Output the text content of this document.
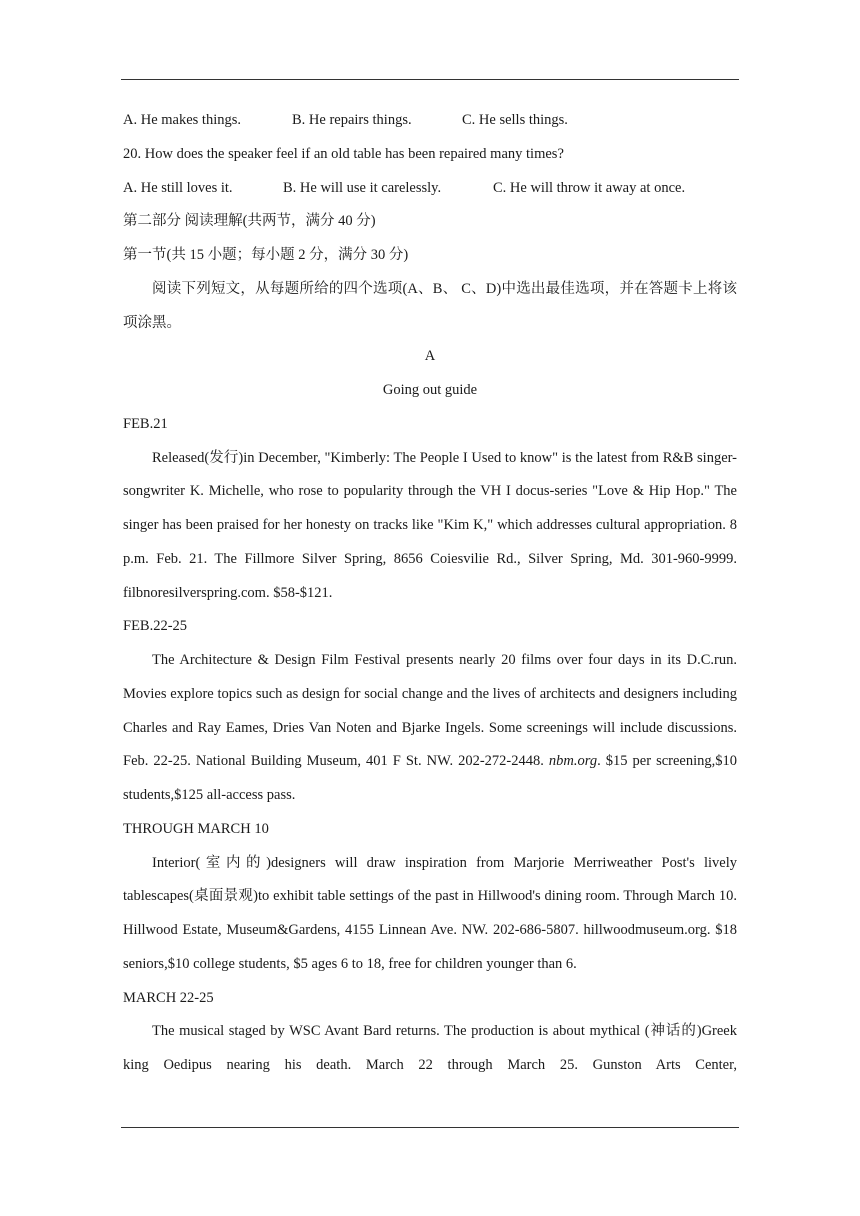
A. He makes things.	B. He repairs things.	C. He sells things.
20. How does the speaker feel if an old table has been repaired many times?
A. He still loves it.	B. He will use it carelessly.	C. He will throw it away at once.
第二部分 阅读理解(共两节，满分 40 分)
第一节(共 15 小题；每小题 2 分，满分 30 分)
阅读下列短文，从每题所给的四个选项(A、B、 C、D)中选出最佳选项，并在答题卡上将该项涂黑。
A
Going out guide
FEB.21
Released(发行)in December, "Kimberly: The People I Used to know" is the latest from R&B singer-songwriter K. Michelle, who rose to popularity through the VH I docus-series "Love & Hip Hop." The singer has been praised for her honesty on tracks like "Kim K," which addresses cultural appropriation. 8 p.m. Feb. 21. The Fillmore Silver Spring, 8656 Coiesvilie Rd., Silver Spring, Md. 301-960-9999. filbnoresilverspring.com. $58-$121.
FEB.22-25
The Architecture & Design Film Festival presents nearly 20 films over four days in its D.C.run. Movies explore topics such as design for social change and the lives of architects and designers including Charles and Ray Eames, Dries Van Noten and Bjarke Ingels. Some screenings will include discussions. Feb. 22-25. National Building Museum, 401 F St. NW. 202-272-2448. nbm.org. $15 per screening,$10 students,$125 all-access pass.
THROUGH MARCH 10
Interior(室内的)designers will draw inspiration from Marjorie Merriweather Post's lively tablescapes(桌面景观)to exhibit table settings of the past in Hillwood's dining room. Through March 10. Hillwood Estate, Museum&Gardens, 4155 Linnean Ave. NW. 202-686-5807. hillwoodmuseum.org. $18 seniors,$10 college students, $5 ages 6 to 18, free for children younger than 6.
MARCH 22-25
The musical staged by WSC Avant Bard returns. The production is about mythical (神话的)Greek king Oedipus nearing his death. March 22 through March 25. Gunston Arts Center,
